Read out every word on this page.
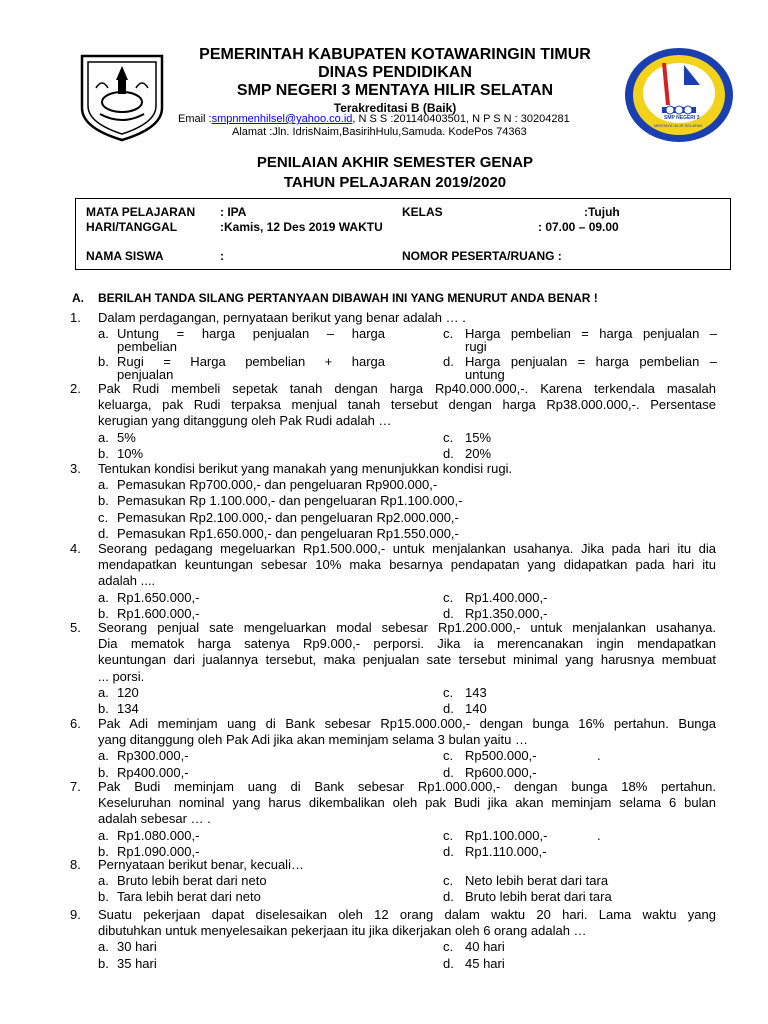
SMP NEGERI 3
MENTAYA HILIR SELATAN
PEMERINTAH KABUPATEN KOTAWARINGIN TIMUR
DINAS PENDIDIKAN
SMP NEGERI 3 MENTAYA HILIR SELATAN
Terakreditasi B (Baik)
Email :smpnmenhilsel@yahoo.co.id, N S S :201140403501, N P S N : 30204281
Alamat :Jln. IdrisNaim,BasirihHulu,Samuda. KodePos 74363
PENILAIAN AKHIR SEMESTER GENAP
TAHUN PELAJARAN 2019/2020
MATA PELAJARAN : IPA	KELAS	:Tujuh
HARI/TANGGAL	:Kamis, 12 Des 2019 WAKTU	: 07.00 – 09.00
NAMA SISWA	:	NOMOR PESERTA/RUANG :
A. BERILAH TANDA SILANG PERTANYAAN DIBAWAH INI YANG MENURUT ANDA BENAR !
1. Dalam perdagangan, pernyataan berikut yang benar adalah … .
a. Untung = harga penjualan – harga
pembelian
c. Harga pembelian = harga penjualan –
rugi
b. Rugi = Harga pembelian + harga
penjualan
d. Harga penjualan = harga pembelian –
untung
2. Pak Rudi membeli sepetak tanah dengan harga Rp40.000.000,-. Karena terkendala masalah
keluarga, pak Rudi terpaksa menjual tanah tersebut dengan harga Rp38.000.000,-. Persentase
kerugian yang ditanggung oleh Pak Rudi adalah …
a. 5%	c. 15%
b. 10%	d. 20%
3. Tentukan kondisi berikut yang manakah yang menunjukkan kondisi rugi.
a. Pemasukan Rp700.000,- dan pengeluaran Rp900.000,-
b. Pemasukan Rp 1.100.000,- dan pengeluaran Rp1.100.000,-
c. Pemasukan Rp2.100.000,- dan pengeluaran Rp2.000.000,-
d. Pemasukan Rp1.650.000,- dan pengeluaran Rp1.550.000,-
4. Seorang pedagang megeluarkan Rp1.500.000,- untuk menjalankan usahanya. Jika pada hari itu dia
mendapatkan keuntungan sebesar 10% maka besarnya pendapatan yang didapatkan pada hari itu
adalah ....
a. Rp1.650.000,-	c. Rp1.400.000,-
b. Rp1.600.000,-	d. Rp1.350.000,-
5. Seorang penjual sate mengeluarkan modal sebesar Rp1.200.000,- untuk menjalankan usahanya.
Dia mematok harga satenya Rp9.000,- perporsi. Jika ia merencanakan ingin mendapatkan
keuntungan dari jualannya tersebut, maka penjualan sate tersebut minimal yang harusnya membuat
... porsi.
a. 120	c. 143
b. 134	d. 140
6. Pak Adi meminjam uang di Bank sebesar Rp15.000.000,- dengan bunga 16% pertahun. Bunga
yang ditanggung oleh Pak Adi jika akan meminjam selama 3 bulan yaitu …
a. Rp300.000,-	c. Rp500.000,-	.
b. Rp400.000,-	d. Rp600.000,-
7. Pak Budi meminjam uang di Bank sebesar Rp1.000.000,- dengan bunga 18% pertahun.
Keseluruhan nominal yang harus dikembalikan oleh pak Budi jika akan meminjam selama 6 bulan
adalah sebesar … .
a. Rp1.080.000,-	c. Rp1.100.000,-	.
b. Rp1.090.000,-	d. Rp1.110.000,-
8. Pernyataan berikut benar, kecuali…
a. Bruto lebih berat dari neto	c. Neto lebih berat dari tara
b. Tara lebih berat dari neto	d. Bruto lebih berat dari tara
9. Suatu pekerjaan dapat diselesaikan oleh 12 orang dalam waktu 20 hari. Lama waktu yang
dibutuhkan untuk menyelesaikan pekerjaan itu jika dikerjakan oleh 6 orang adalah …
a. 30 hari	c. 40 hari
b. 35 hari	d. 45 hari
